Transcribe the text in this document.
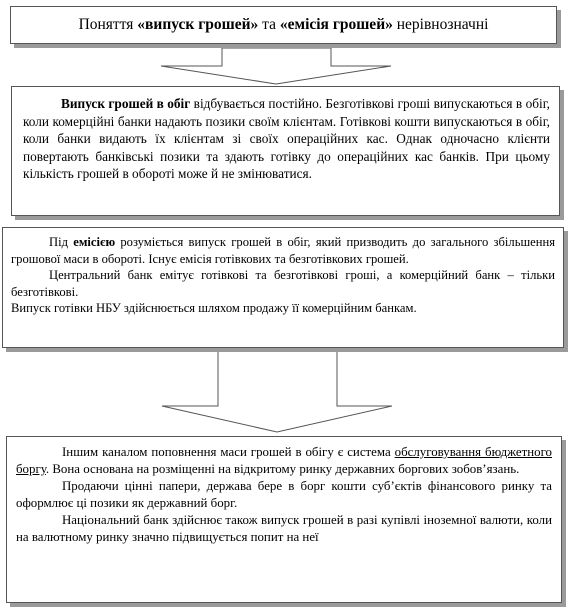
Поняття «випуск грошей» та «емісія грошей» нерівнозначні

Випуск грошей в обіг відбувається постійно. Безготівкові гроші випускаються в обіг, коли комерційні банки надають позики своїм клієнтам. Готівкові кошти випускаються в обіг, коли банки видають їх клієнтам зі своїх операційних кас. Однак одночасно клієнти повертають банківські позики та здають готівку до операційних кас банків. При цьому кількість грошей в обороті може й не змінюватися.

Під емісією розуміється випуск грошей в обіг, який призводить до загального збільшення грошової маси в обороті. Існує емісія готівкових та безготівкових грошей.

Центральний банк емітує готівкові та безготівкові гроші, а комерційний банк – тільки безготівкові.

Випуск готівки НБУ здійснюється шляхом продажу її комерційним банкам.

Іншим каналом поповнення маси грошей в обігу є система обслуговування бюджетного боргу. Вона основана на розміщенні на відкритому ринку державних боргових зобов’язань.

Продаючи цінні папери, держава бере в борг кошти суб’єктів фінансового ринку та оформлює ці позики як державний борг.

Національний банк здійснює також випуск грошей в разі купівлі іноземної валюти, коли на валютному ринку значно підвищується попит на неї
